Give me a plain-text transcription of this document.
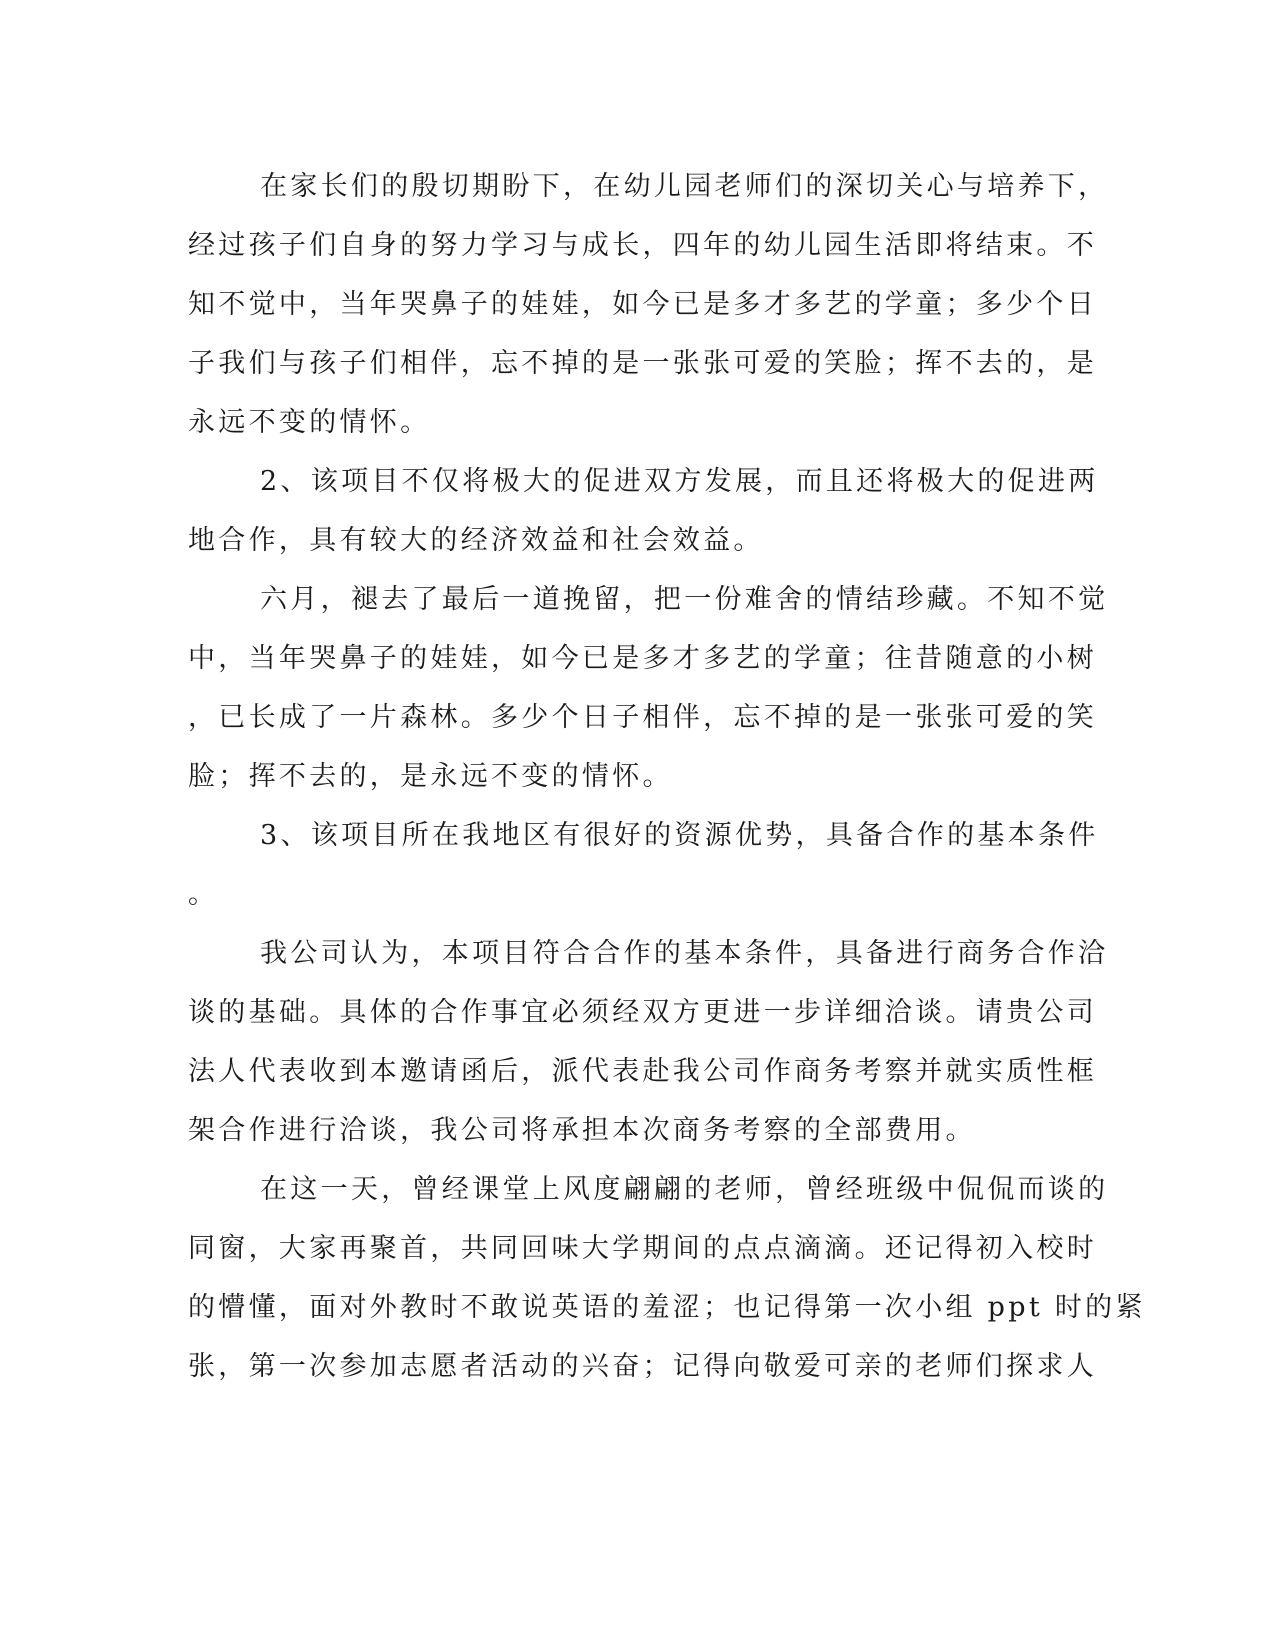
在家长们的殷切期盼下，在幼儿园老师们的深切关心与培养下，
经过孩子们自身的努力学习与成长，四年的幼儿园生活即将结束。不
知不觉中，当年哭鼻子的娃娃，如今已是多才多艺的学童；多少个日
子我们与孩子们相伴，忘不掉的是一张张可爱的笑脸；挥不去的，是
永远不变的情怀。
2、该项目不仅将极大的促进双方发展，而且还将极大的促进两
地合作，具有较大的经济效益和社会效益。
六月，褪去了最后一道挽留，把一份难舍的情结珍藏。不知不觉
中，当年哭鼻子的娃娃，如今已是多才多艺的学童；往昔随意的小树
，已长成了一片森林。多少个日子相伴，忘不掉的是一张张可爱的笑
脸；挥不去的，是永远不变的情怀。
3、该项目所在我地区有很好的资源优势，具备合作的基本条件
。
我公司认为，本项目符合合作的基本条件，具备进行商务合作洽
谈的基础。具体的合作事宜必须经双方更进一步详细洽谈。请贵公司
法人代表收到本邀请函后，派代表赴我公司作商务考察并就实质性框
架合作进行洽谈，我公司将承担本次商务考察的全部费用。
在这一天，曾经课堂上风度翩翩的老师，曾经班级中侃侃而谈的
同窗，大家再聚首，共同回味大学期间的点点滴滴。还记得初入校时
的懵懂，面对外教时不敢说英语的羞涩；也记得第一次小组 ppt 时的紧
张，第一次参加志愿者活动的兴奋；记得向敬爱可亲的老师们探求人
